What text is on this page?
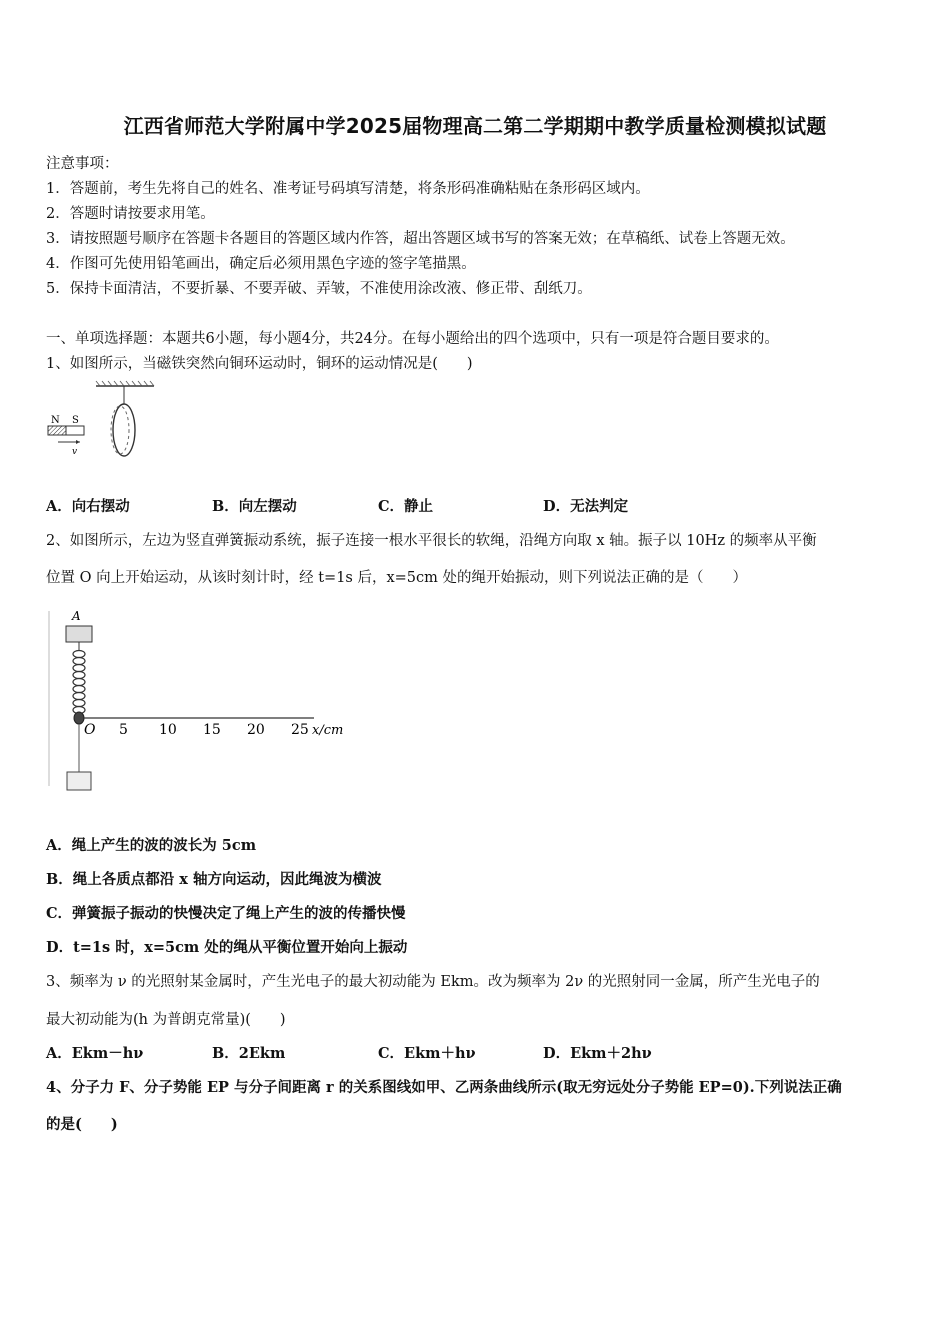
江西省师范大学附属中学2025届物理高二第二学期期中教学质量检测模拟试题
注意事项：
1．答题前，考生先将自己的姓名、准考证号码填写清楚，将条形码准确粘贴在条形码区域内。
2．答题时请按要求用笔。
3．请按照题号顺序在答题卡各题目的答题区域内作答，超出答题区域书写的答案无效；在草稿纸、试卷上答题无效。
4．作图可先使用铅笔画出，确定后必须用黑色字迹的签字笔描黑。
5．保持卡面清洁，不要折暴、不要弄破、弄皱，不准使用涂改液、修正带、刮纸刀。
一、单项选择题：本题共6小题，每小题4分，共24分。在每小题给出的四个选项中，只有一项是符合题目要求的。
1、如图所示，当磁铁突然向铜环运动时，铜环的运动情况是(　　)
N S
v
A．向右摆动	B．向左摆动	C．静止	D．无法判定
2、如图所示，左边为竖直弹簧振动系统，振子连接一根水平很长的软绳，沿绳方向取 x 轴。振子以 10Hz 的频率从平衡
位置 O 向上开始运动，从该时刻计时，经 t=1s 后，x=5cm 处的绳开始振动，则下列说法正确的是（　　）
A
O 5 10 15 20 25 x/cm
A．绳上产生的波的波长为 5cm
B．绳上各质点都沿 x 轴方向运动，因此绳波为横波
C．弹簧振子振动的快慢决定了绳上产生的波的传播快慢
D．t=1s 时，x=5cm 处的绳从平衡位置开始向上振动
3、频率为 ν 的光照射某金属时，产生光电子的最大初动能为 Ekm。改为频率为 2ν 的光照射同一金属，所产生光电子的
最大初动能为(h 为普朗克常量)(　　)
A．Ekm－hν	B．2Ekm	C．Ekm＋hν	D．Ekm＋2hν
4、分子力 F、分子势能 EP 与分子间距离 r 的关系图线如甲、乙两条曲线所示(取无穷远处分子势能 EP=0).下列说法正确
的是(　　)
